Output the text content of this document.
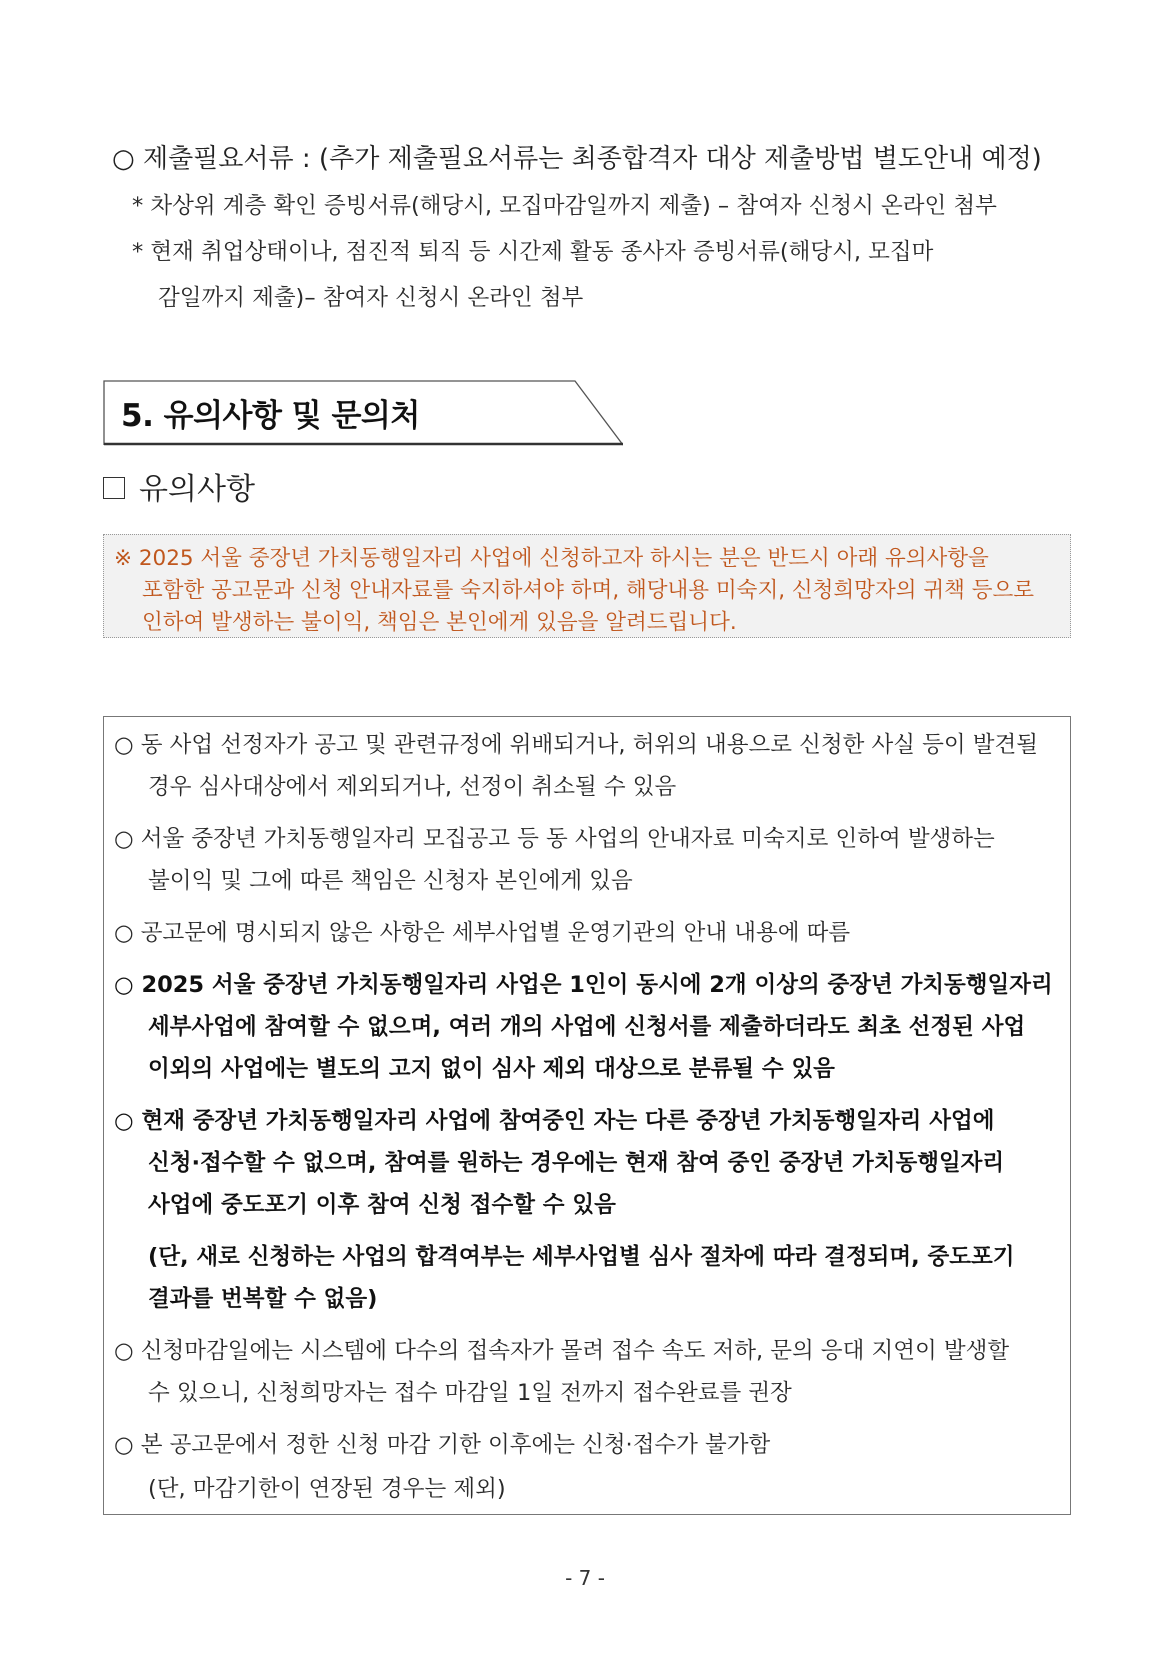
○ 제출필요서류 : (추가 제출필요서류는 최종합격자 대상 제출방법 별도안내 예정)
* 차상위 계층 확인 증빙서류(해당시, 모집마감일까지 제출) – 참여자 신청시 온라인 첨부
* 현재 취업상태이나, 점진적 퇴직 등 시간제 활동 종사자 증빙서류(해당시, 모집마
감일까지 제출)– 참여자 신청시 온라인 첨부
5. 유의사항 및 문의처
유의사항
※ 2025 서울 중장년 가치동행일자리 사업에 신청하고자 하시는 분은 반드시 아래 유의사항을
포함한 공고문과 신청 안내자료를 숙지하셔야 하며, 해당내용 미숙지, 신청희망자의 귀책 등으로
인하여 발생하는 불이익, 책임은 본인에게 있음을 알려드립니다.
○ 동 사업 선정자가 공고 및 관련규정에 위배되거나, 허위의 내용으로 신청한 사실 등이 발견될
경우 심사대상에서 제외되거나, 선정이 취소될 수 있음
○ 서울 중장년 가치동행일자리 모집공고 등 동 사업의 안내자료 미숙지로 인하여 발생하는
불이익 및 그에 따른 책임은 신청자 본인에게 있음
○ 공고문에 명시되지 않은 사항은 세부사업별 운영기관의 안내 내용에 따름
○ 2025 서울 중장년 가치동행일자리 사업은 1인이 동시에 2개 이상의 중장년 가치동행일자리
세부사업에 참여할 수 없으며, 여러 개의 사업에 신청서를 제출하더라도 최초 선정된 사업
이외의 사업에는 별도의 고지 없이 심사 제외 대상으로 분류될 수 있음
○ 현재 중장년 가치동행일자리 사업에 참여중인 자는 다른 중장년 가치동행일자리 사업에
신청·접수할 수 없으며, 참여를 원하는 경우에는 현재 참여 중인 중장년 가치동행일자리
사업에 중도포기 이후 참여 신청 접수할 수 있음
(단, 새로 신청하는 사업의 합격여부는 세부사업별 심사 절차에 따라 결정되며, 중도포기
결과를 번복할 수 없음)
○ 신청마감일에는 시스템에 다수의 접속자가 몰려 접수 속도 저하, 문의 응대 지연이 발생할
수 있으니, 신청희망자는 접수 마감일 1일 전까지 접수완료를 권장
○ 본 공고문에서 정한 신청 마감 기한 이후에는 신청·접수가 불가함
(단, 마감기한이 연장된 경우는 제외)
- 7 -
